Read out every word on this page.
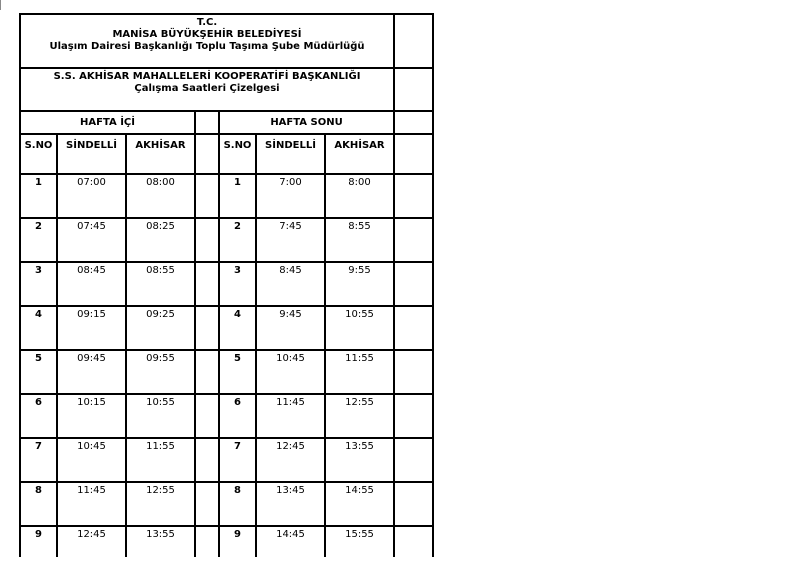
T.C.
MANİSA BÜYÜKŞEHİR BELEDİYESİ
Ulaşım Dairesi Başkanlığı Toplu Taşıma Şube Müdürlüğü							

S.S. AKHİSAR MAHALLELERİ KOOPERATİFİ BAŞKANLIĞI
Çalışma Saatleri Çizelgesi							

HAFTA İÇİ				HAFTA SONU			
S.NO	SİNDELLİ	AKHİSAR		S.NO	SİNDELLİ	AKHİSAR	
1	07:00	08:00		1	7:00	8:00	
2	07:45	08:25		2	7:45	8:55	
3	08:45	08:55		3	8:45	9:55	
4	09:15	09:25		4	9:45	10:55	
5	09:45	09:55		5	10:45	11:55	
6	10:15	10:55		6	11:45	12:55	
7	10:45	11:55		7	12:45	13:55	
8	11:45	12:55		8	13:45	14:55	
9	12:45	13:55		9	14:45	15:55	
